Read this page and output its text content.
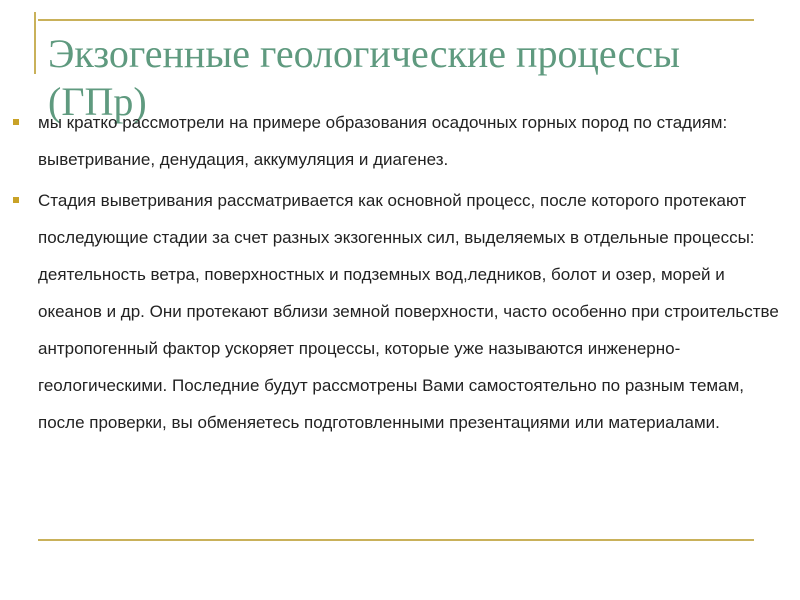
Экзогенные геологические процессы (ГПр)
мы кратко рассмотрели на примере образования осадочных горных пород по стадиям: выветривание, денудация, аккумуляция и диагенез.
Стадия выветривания рассматривается как основной процесс, после которого протекают последующие стадии за счет разных экзогенных сил, выделяемых в отдельные процессы: деятельность ветра, поверхностных и подземных вод,ледников, болот и озер, морей и океанов и др. Они протекают вблизи земной поверхности, часто особенно при строительстве антропогенный фактор ускоряет процессы, которые уже называются инженерно-геологическими. Последние будут рассмотрены Вами самостоятельно по разным темам, после проверки, вы обменяетесь подготовленными презентациями или материалами.
